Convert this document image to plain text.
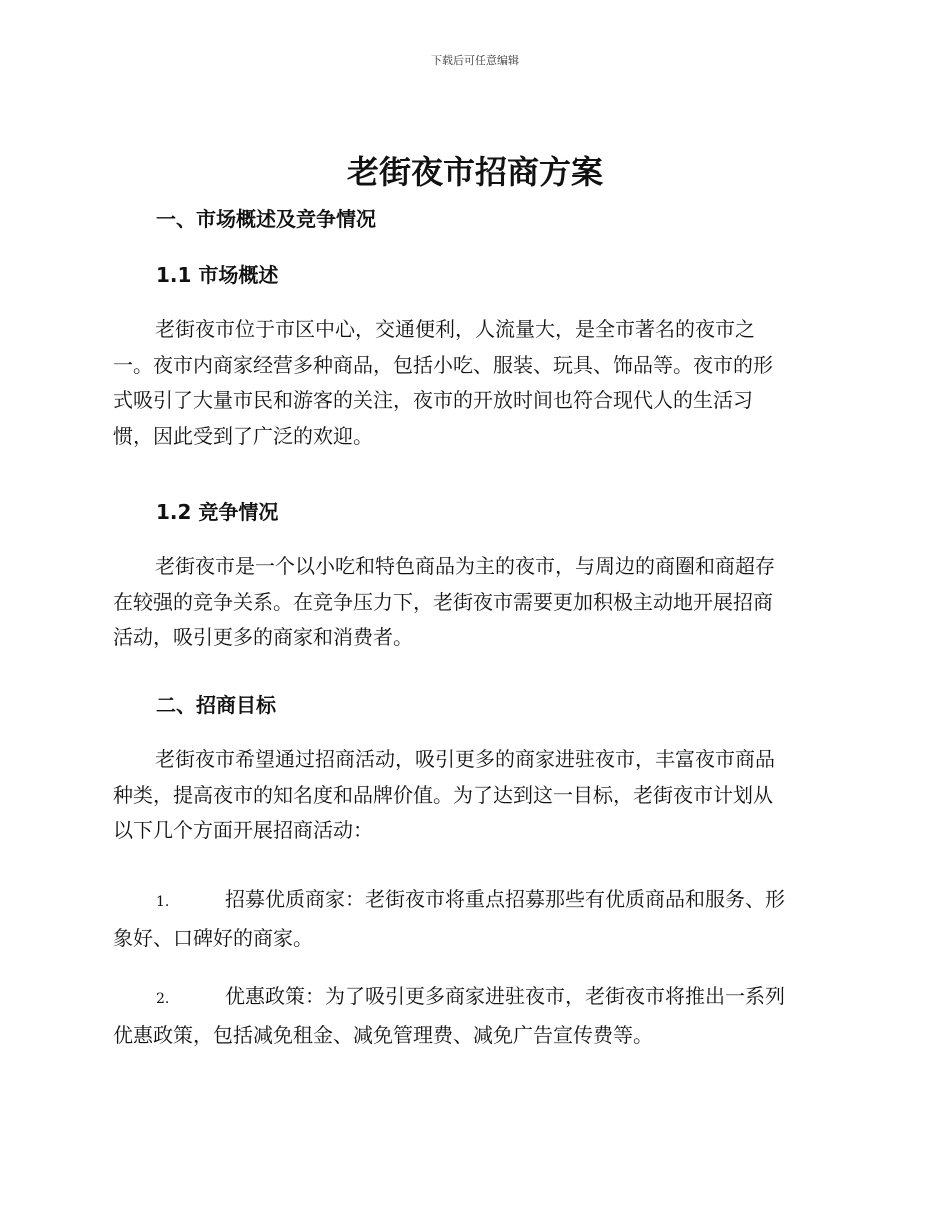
下载后可任意编辑
老街夜市招商方案
一、市场概述及竞争情况
1.1 市场概述
老街夜市位于市区中心，交通便利，人流量大，是全市著名的夜市之
一。夜市内商家经营多种商品，包括小吃、服装、玩具、饰品等。夜市的形
式吸引了大量市民和游客的关注，夜市的开放时间也符合现代人的生活习
惯，因此受到了广泛的欢迎。
1.2 竞争情况
老街夜市是一个以小吃和特色商品为主的夜市，与周边的商圈和商超存
在较强的竞争关系。在竞争压力下，老街夜市需要更加积极主动地开展招商
活动，吸引更多的商家和消费者。
二、招商目标
老街夜市希望通过招商活动，吸引更多的商家进驻夜市，丰富夜市商品
种类，提高夜市的知名度和品牌价值。为了达到这一目标，老街夜市计划从
以下几个方面开展招商活动：
1.	招募优质商家：老街夜市将重点招募那些有优质商品和服务、形
象好、口碑好的商家。
2.	优惠政策：为了吸引更多商家进驻夜市，老街夜市将推出一系列
优惠政策，包括减免租金、减免管理费、减免广告宣传费等。
